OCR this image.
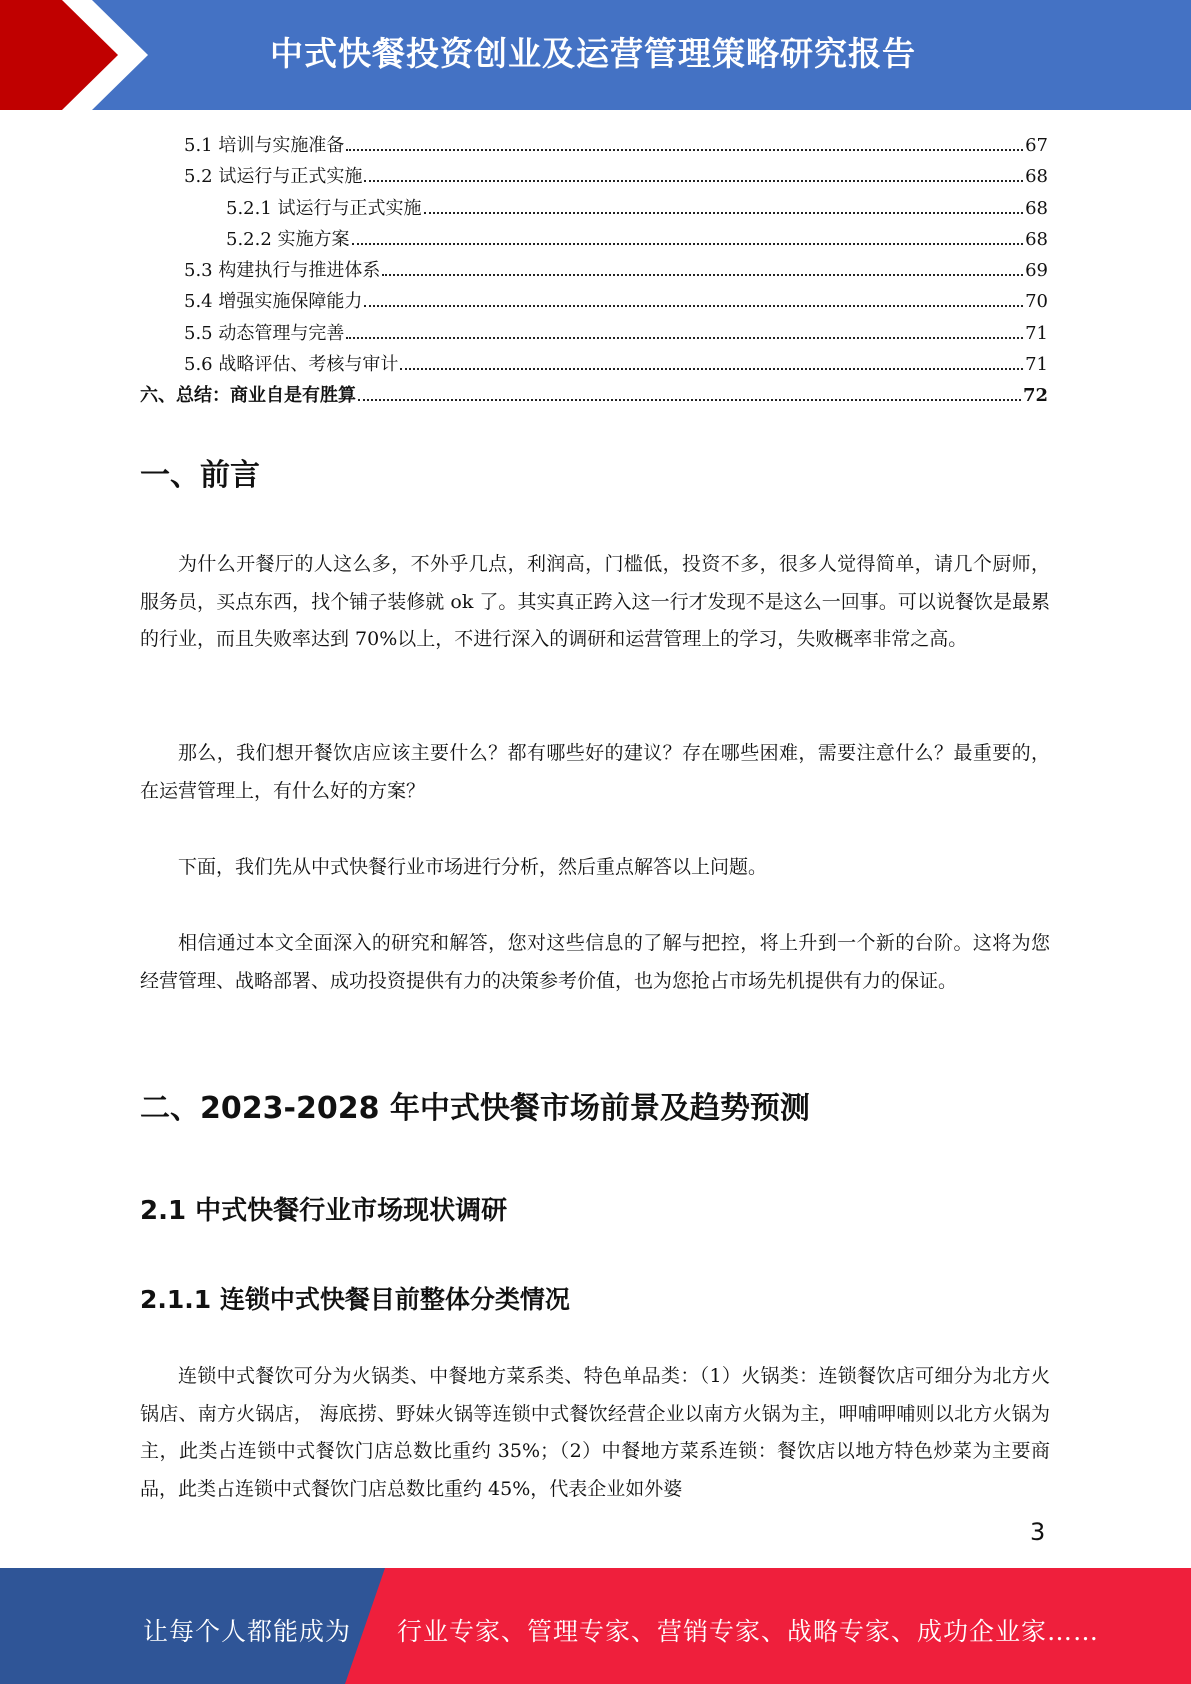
中式快餐投资创业及运营管理策略研究报告
5.1 培训与实施准备	67
5.2 试运行与正式实施	68
5.2.1 试运行与正式实施	68
5.2.2 实施方案	68
5.3 构建执行与推进体系	69
5.4 增强实施保障能力	70
5.5 动态管理与完善	71
5.6 战略评估、考核与审计	71
六、总结：商业自是有胜算	72
一、前言

为什么开餐厅的人这么多，不外乎几点，利润高，门槛低，投资不多，很多人觉得简单，请几个厨师，服务员，买点东西，找个铺子装修就 ok 了。其实真正跨入这一行才发现不是这么一回事。可以说餐饮是最累的行业，而且失败率达到 70%以上，不进行深入的调研和运营管理上的学习，失败概率非常之高。

那么，我们想开餐饮店应该主要什么？都有哪些好的建议？存在哪些困难，需要注意什么？最重要的，在运营管理上，有什么好的方案？

下面，我们先从中式快餐行业市场进行分析，然后重点解答以上问题。

相信通过本文全面深入的研究和解答，您对这些信息的了解与把控，将上升到一个新的台阶。这将为您经营管理、战略部署、成功投资提供有力的决策参考价值，也为您抢占市场先机提供有力的保证。

二、2023-2028 年中式快餐市场前景及趋势预测
2.1 中式快餐行业市场现状调研
2.1.1 连锁中式快餐目前整体分类情况

连锁中式餐饮可分为火锅类、中餐地方菜系类、特色单品类：（1）火锅类：连锁餐饮店可细分为北方火锅店、南方火锅店， 海底捞、野妹火锅等连锁中式餐饮经营企业以南方火锅为主，呷哺呷哺则以北方火锅为主，此类占连锁中式餐饮门店总数比重约 35%；（2）中餐地方菜系连锁：餐饮店以地方特色炒菜为主要商品，此类占连锁中式餐饮门店总数比重约 45%，代表企业如外婆

3
让每个人都能成为 行业专家、管理专家、营销专家、战略专家、成功企业家……
